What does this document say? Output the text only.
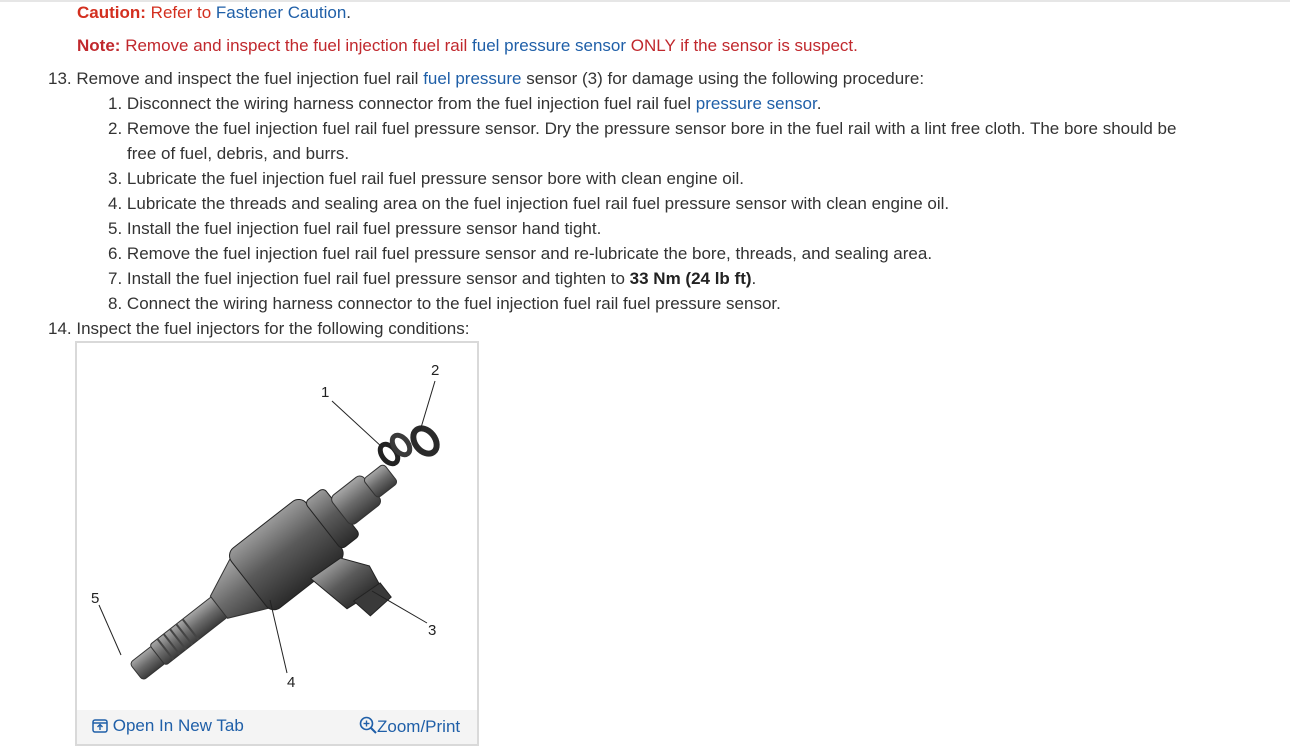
Caution: Refer to Fastener Caution.
Note: Remove and inspect the fuel injection fuel rail fuel pressure sensor ONLY if the sensor is suspect.
13. Remove and inspect the fuel injection fuel rail fuel pressure sensor (3) for damage using the following procedure:
1. Disconnect the wiring harness connector from the fuel injection fuel rail fuel pressure sensor.
2. Remove the fuel injection fuel rail fuel pressure sensor. Dry the pressure sensor bore in the fuel rail with a lint free cloth. The bore should be
free of fuel, debris, and burrs.
3. Lubricate the fuel injection fuel rail fuel pressure sensor bore with clean engine oil.
4. Lubricate the threads and sealing area on the fuel injection fuel rail fuel pressure sensor with clean engine oil.
5. Install the fuel injection fuel rail fuel pressure sensor hand tight.
6. Remove the fuel injection fuel rail fuel pressure sensor and re-lubricate the bore, threads, and sealing area.
7. Install the fuel injection fuel rail fuel pressure sensor and tighten to 33 Nm (24 lb ft).
8. Connect the wiring harness connector to the fuel injection fuel rail fuel pressure sensor.
14. Inspect the fuel injectors for the following conditions:
1
2
3
4
5
Open In New Tab	Zoom/Print
